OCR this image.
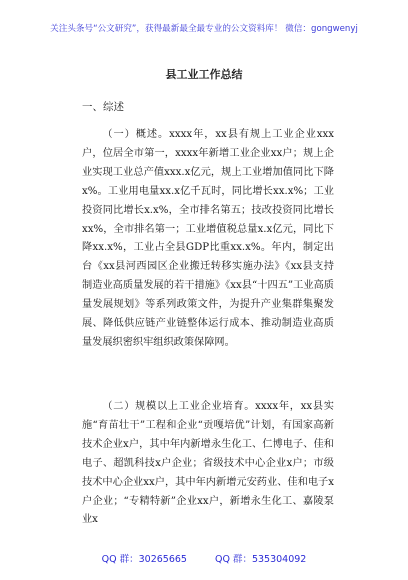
关注头条号“公文研究”，获得最新最全最专业的公文资料库！ 微信：gongwenyj
县工业工作总结
一、综述
（一）概述。xxxx年，xx县有规上工业企业xxx户，位居全市第一，xxxx年新增工业企业xx户；规上企业实现工业总产值xxx.x亿元，规上工业增加值同比下降x%。工业用电量xx.x亿千瓦时，同比增长xx.x%；工业投资同比增长x.x%，全市排名第五；技改投资同比增长xx%，全市排名第一；工业增值税总量x.x亿元，同比下降xx.x%，工业占全县GDP比重xx.x%。年内，制定出台《xx县河西园区企业搬迁转移实施办法》《xx县支持制造业高质量发展的若干措施》《xx县“十四五”工业高质量发展规划》等系列政策文件，为提升产业集群集聚发展、降低供应链产业链整体运行成本、推动制造业高质量发展织密织牢组织政策保障网。
（二）规模以上工业企业培育。xxxx年，xx县实施“育苗壮干”工程和企业“贡嘎培优”计划，有国家高新技术企业x户，其中年内新增永生化工、仁博电子、佳和电子、超凯科技x户企业；省级技术中心企业x户；市级技术中心企业xx户，其中年内新增元安药业、佳和电子x户企业；“专精特新”企业xx户，新增永生化工、嘉陵泵业x
QQ 群：30265665	QQ 群：535304092
